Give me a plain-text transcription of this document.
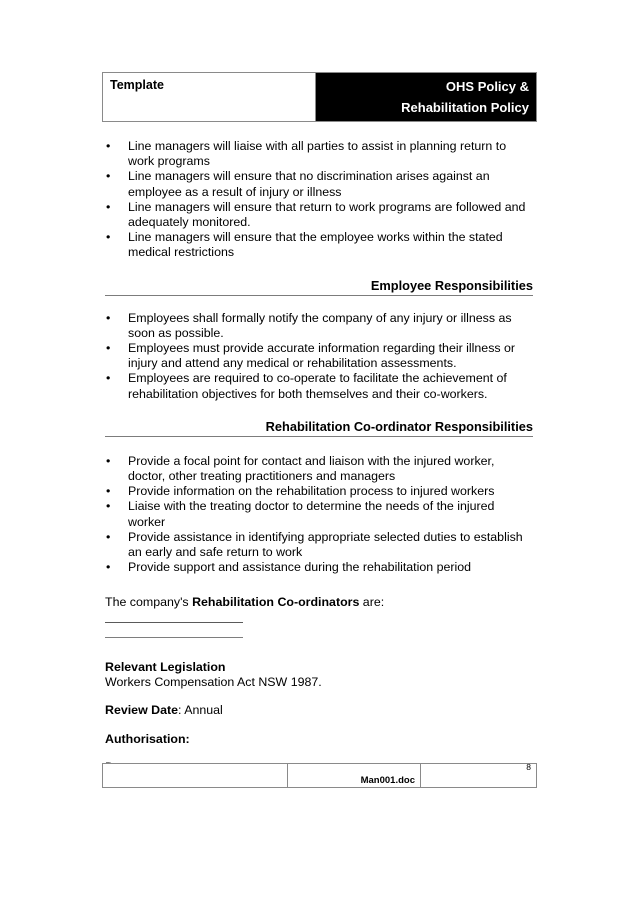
Template	OHS Policy &
Rehabilitation Policy
• Line managers will liaise with all parties to assist in planning return to work programs
• Line managers will ensure that no discrimination arises against an employee as a result of injury or illness
• Line managers will ensure that return to work programs are followed and adequately monitored.
• Line managers will ensure that the employee works within the stated medical restrictions
Employee Responsibilities
• Employees shall formally notify the company of any injury or illness as soon as possible.
• Employees must provide accurate information regarding their illness or injury and attend any medical or rehabilitation assessments.
• Employees are required to co-operate to facilitate the achievement of rehabilitation objectives for both themselves and their co-workers.
Rehabilitation Co-ordinator Responsibilities
• Provide a focal point for contact and liaison with the injured worker, doctor, other treating practitioners and managers
• Provide information on the rehabilitation process to injured workers
• Liaise with the treating doctor to determine the needs of the injured worker
• Provide assistance in identifying appropriate selected duties to establish an early and safe return to work
• Provide support and assistance during the rehabilitation period
The company's Rehabilitation Co-ordinators are:
Relevant Legislation
Workers Compensation Act NSW 1987.
Review Date: Annual
Authorisation:
Man001.doc
8
